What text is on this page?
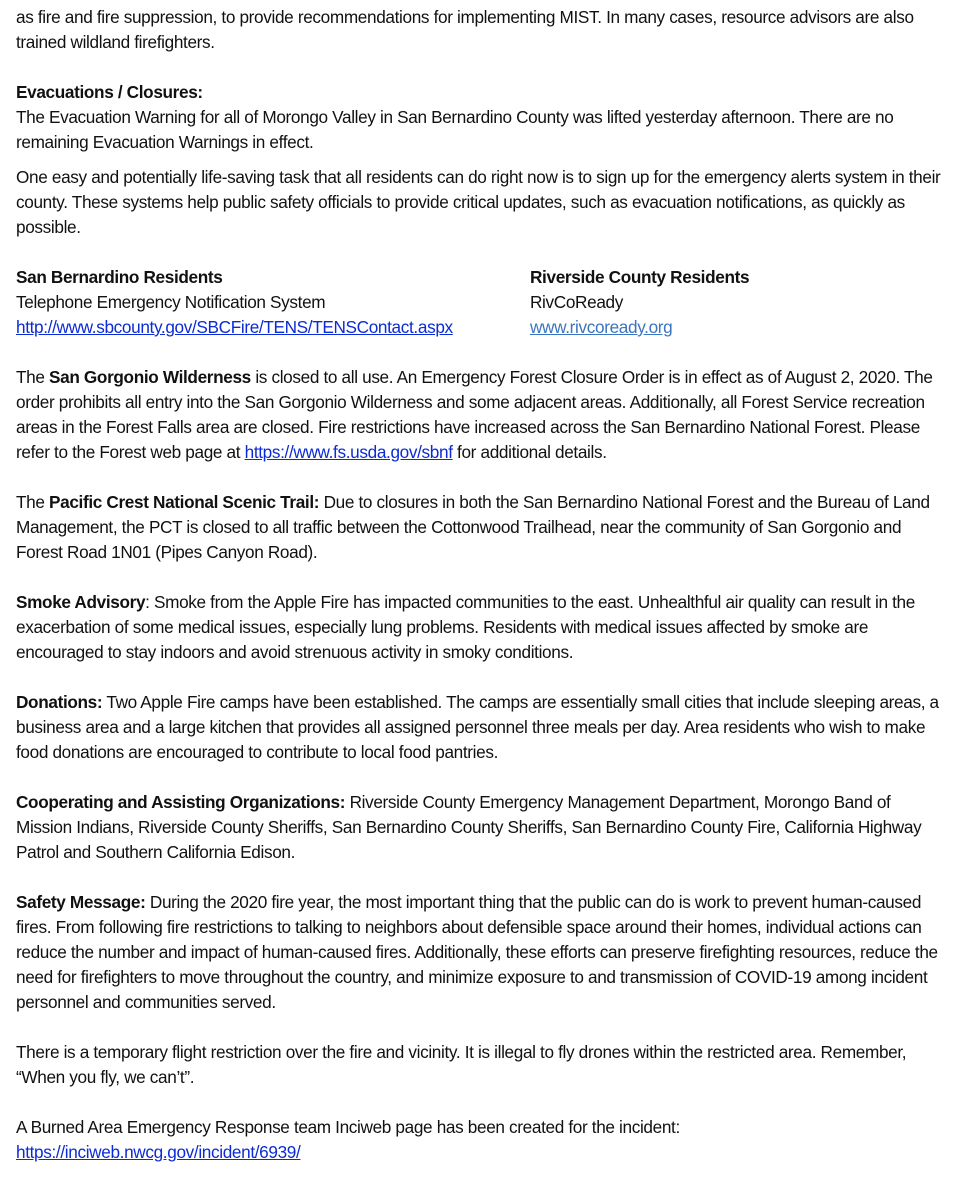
as fire and fire suppression, to provide recommendations for implementing MIST. In many cases, resource advisors are also trained wildland firefighters.

Evacuations / Closures:

The Evacuation Warning for all of Morongo Valley in San Bernardino County was lifted yesterday afternoon. There are no remaining Evacuation Warnings in effect.

One easy and potentially life-saving task that all residents can do right now is to sign up for the emergency alerts system in their county. These systems help public safety officials to provide critical updates, such as evacuation notifications, as quickly as possible.

San Bernardino Residents
Telephone Emergency Notification System
http://www.sbcounty.gov/SBCFire/TENS/TENSContact.aspx
Riverside County Residents
RivCoReady
www.rivcoready.org

The San Gorgonio Wilderness is closed to all use. An Emergency Forest Closure Order is in effect as of August 2, 2020. The order prohibits all entry into the San Gorgonio Wilderness and some adjacent areas. Additionally, all Forest Service recreation areas in the Forest Falls area are closed. Fire restrictions have increased across the San Bernardino National Forest. Please refer to the Forest web page at https://www.fs.usda.gov/sbnf for additional details.

The Pacific Crest National Scenic Trail: Due to closures in both the San Bernardino National Forest and the Bureau of Land Management, the PCT is closed to all traffic between the Cottonwood Trailhead, near the community of San Gorgonio and Forest Road 1N01 (Pipes Canyon Road).

Smoke Advisory: Smoke from the Apple Fire has impacted communities to the east. Unhealthful air quality can result in the exacerbation of some medical issues, especially lung problems. Residents with medical issues affected by smoke are encouraged to stay indoors and avoid strenuous activity in smoky conditions.

Donations: Two Apple Fire camps have been established. The camps are essentially small cities that include sleeping areas, a business area and a large kitchen that provides all assigned personnel three meals per day. Area residents who wish to make food donations are encouraged to contribute to local food pantries.

Cooperating and Assisting Organizations: Riverside County Emergency Management Department, Morongo Band of Mission Indians, Riverside County Sheriffs, San Bernardino County Sheriffs, San Bernardino County Fire, California Highway Patrol and Southern California Edison.

Safety Message: During the 2020 fire year, the most important thing that the public can do is work to prevent human-caused fires. From following fire restrictions to talking to neighbors about defensible space around their homes, individual actions can reduce the number and impact of human-caused fires. Additionally, these efforts can preserve firefighting resources, reduce the need for firefighters to move throughout the country, and minimize exposure to and transmission of COVID-19 among incident personnel and communities served.

There is a temporary flight restriction over the fire and vicinity. It is illegal to fly drones within the restricted area. Remember, “When you fly, we can’t”.

A Burned Area Emergency Response team Inciweb page has been created for the incident:
https://inciweb.nwcg.gov/incident/6939/
